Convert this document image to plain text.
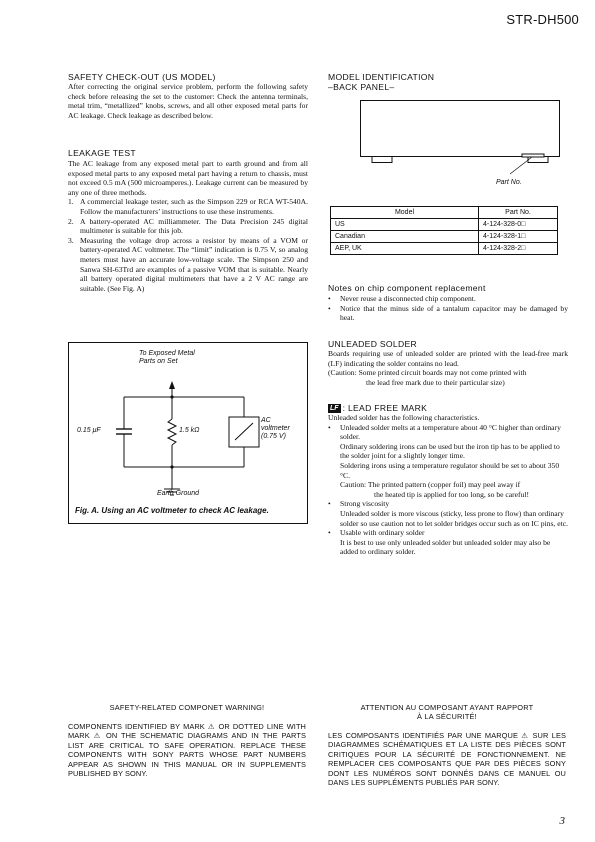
STR-DH500

SAFETY CHECK-OUT (US MODEL)

After correcting the original service problem, perform the following safety check before releasing the set to the customer: Check the antenna terminals, metal trim, “metallized” knobs, screws, and all other exposed metal parts for AC leakage. Check leakage as described below.

LEAKAGE TEST

The AC leakage from any exposed metal part to earth ground and from all exposed metal parts to any exposed metal part having a return to chassis, must not exceed 0.5 mA (500 microamperes.). Leakage current can be measured by any one of three methods.

1. A commercial leakage tester, such as the Simpson 229 or RCA WT-540A. Follow the manufacturers’ instructions to use these instruments.
2. A battery-operated AC milliammeter. The Data Precision 245 digital multimeter is suitable for this job.
3. Measuring the voltage drop across a resistor by means of a VOM or battery-operated AC voltmeter. The “limit” indication is 0.75 V, so analog meters must have an accurate low-voltage scale. The Simpson 250 and Sanwa SH-63Trd are examples of a passive VOM that is suitable. Nearly all battery operated digital multimeters that have a 2 V AC range are suitable. (See Fig. A)
To Exposed Metal
Parts on Set
0.15 μF	1.5 kΩ
AC
voltmeter
(0.75 V)
Earth Ground
Fig. A. Using an AC voltmeter to check AC leakage.

MODEL IDENTIFICATION

–BACK PANEL–

Part No.
Model	Part No.
US	4-124-328-0□
Canadian	4-124-328-1□
AEP, UK	4-124-328-2□

Notes on chip component replacement

• Never reuse a disconnected chip component.
• Notice that the minus side of a tantalum capacitor may be damaged by heat.

UNLEADED SOLDER

Boards requiring use of unleaded solder are printed with the lead-free mark (LF) indicating the solder contains no lead.

(Caution: Some printed circuit boards may not come printed with

the lead free mark due to their particular size)

LF : LEAD FREE MARK

Unleaded solder has the following characteristics.

• Unleaded solder melts at a temperature about 40 °C higher than ordinary solder.
Ordinary soldering irons can be used but the iron tip has to be applied to the solder joint for a slightly longer time.
Soldering irons using a temperature regulator should be set to about 350 °C.
Caution: The printed pattern (copper foil) may peel away if
the heated tip is applied for too long, so be careful!
• Strong viscosity
Unleaded solder is more viscous (sticky, less prone to flow) than ordinary solder so use caution not to let solder bridges occur such as on IC pins, etc.
• Usable with ordinary solder
It is best to use only unleaded solder but unleaded solder may also be added to ordinary solder.
SAFETY-RELATED COMPONET WARNING!
COMPONENTS IDENTIFIED BY MARK ⚠ OR DOTTED LINE WITH MARK ⚠ ON THE SCHEMATIC DIAGRAMS AND IN THE PARTS LIST ARE CRITICAL TO SAFE OPERATION. REPLACE THESE COMPONENTS WITH SONY PARTS WHOSE PART NUMBERS APPEAR AS SHOWN IN THIS MANUAL OR IN SUPPLEMENTS PUBLISHED BY SONY.
ATTENTION AU COMPOSANT AYANT RAPPORT
À LA SÉCURITÉ!
LES COMPOSANTS IDENTIFIÉS PAR UNE MARQUE ⚠ SUR LES DIAGRAMMES SCHÉMATIQUES ET LA LISTE DES PIÈCES SONT CRITIQUES POUR LA SÉCURITÉ DE FONCTIONNEMENT. NE REMPLACER CES COMPOSANTS QUE PAR DES PIÈCES SONY DONT LES NUMÉROS SONT DONNÉS DANS CE MANUEL OU DANS LES SUPPLÉMENTS PUBLIÉS PAR SONY.
3
